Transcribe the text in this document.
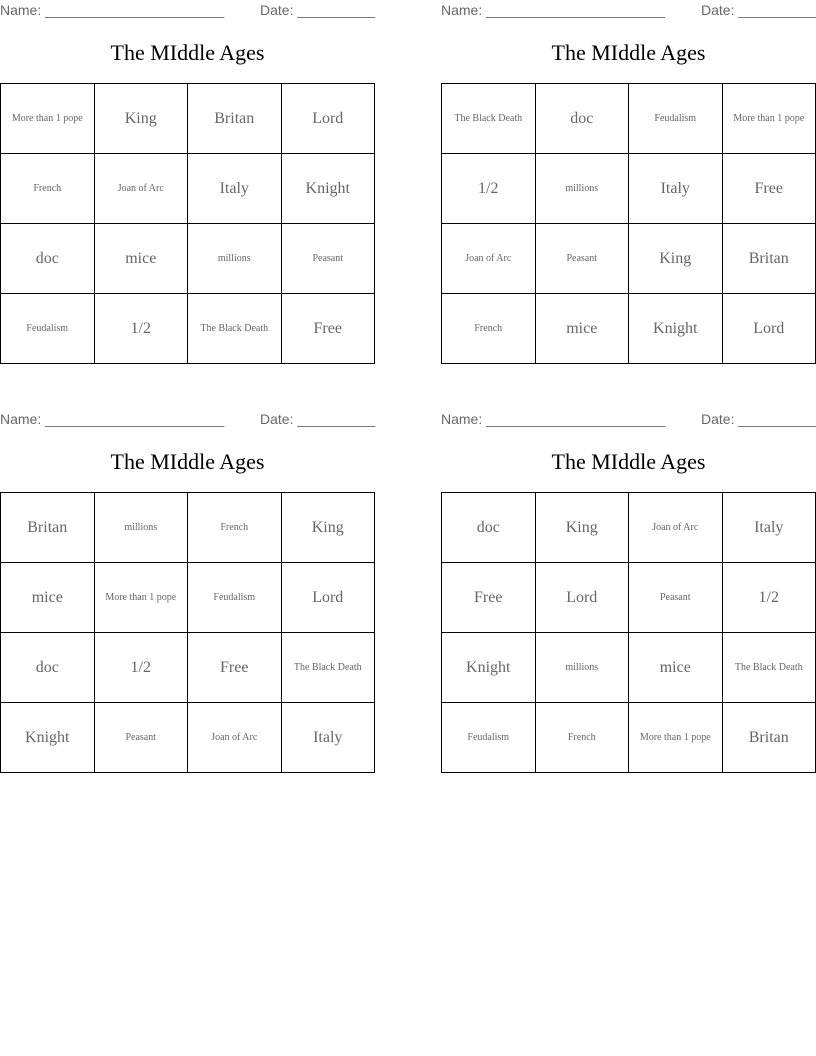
Name: _______________________	Date: __________
The MIddle Ages
More than 1 pope	King	Britan	Lord
French	Joan of Arc	Italy	Knight
doc	mice	millions	Peasant
Feudalism	1/2	The Black Death	Free
Name: _______________________	Date: __________
The MIddle Ages
The Black Death	doc	Feudalism	More than 1 pope
1/2	millions	Italy	Free
Joan of Arc	Peasant	King	Britan
French	mice	Knight	Lord
Name: _______________________	Date: __________
The MIddle Ages
Britan	millions	French	King
mice	More than 1 pope	Feudalism	Lord
doc	1/2	Free	The Black Death
Knight	Peasant	Joan of Arc	Italy
Name: _______________________	Date: __________
The MIddle Ages
doc	King	Joan of Arc	Italy
Free	Lord	Peasant	1/2
Knight	millions	mice	The Black Death
Feudalism	French	More than 1 pope	Britan
